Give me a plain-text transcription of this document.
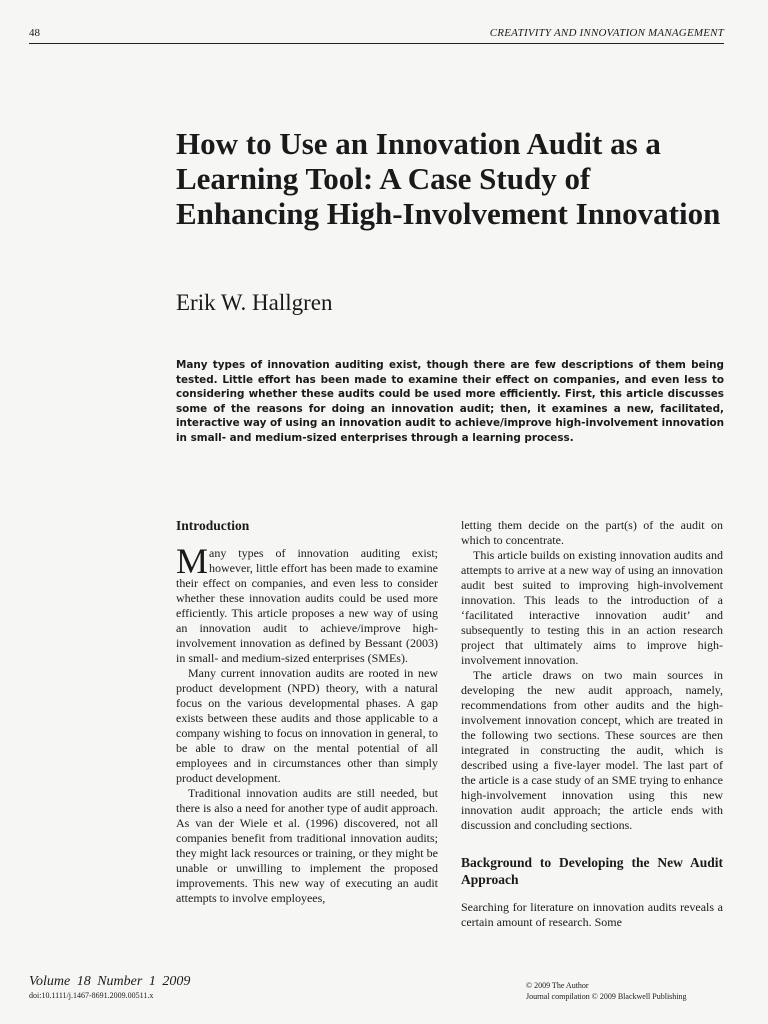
48	CREATIVITY AND INNOVATION MANAGEMENT
How to Use an Innovation Audit as a Learning Tool: A Case Study of Enhancing High-Involvement Innovation

Erik W. Hallgren

Many types of innovation auditing exist, though there are few descriptions of them being tested. Little effort has been made to examine their effect on companies, and even less to considering whether these audits could be used more efficiently. First, this article discusses some of the reasons for doing an innovation audit; then, it examines a new, facilitated, interactive way of using an innovation audit to achieve/improve high-involvement innovation in small- and medium-sized enterprises through a learning process.

Introduction

Many types of innovation auditing exist; however, little effort has been made to examine their effect on companies, and even less to consider whether these innovation audits could be used more efficiently. This article proposes a new way of using an innovation audit to achieve/improve high-involvement innovation as defined by Bessant (2003) in small- and medium-sized enterprises (SMEs).

Many current innovation audits are rooted in new product development (NPD) theory, with a natural focus on the various developmental phases. A gap exists between these audits and those applicable to a company wishing to focus on innovation in general, to be able to draw on the mental potential of all employees and in circumstances other than simply product development.

Traditional innovation audits are still needed, but there is also a need for another type of audit approach. As van der Wiele et al. (1996) discovered, not all companies benefit from traditional innovation audits; they might lack resources or training, or they might be unable or unwilling to implement the proposed improvements. This new way of executing an audit attempts to involve employees,

letting them decide on the part(s) of the audit on which to concentrate.

This article builds on existing innovation audits and attempts to arrive at a new way of using an innovation audit best suited to improving high-involvement innovation. This leads to the introduction of a ‘facilitated interactive innovation audit’ and subsequently to testing this in an action research project that ultimately aims to improve high-involvement innovation.

The article draws on two main sources in developing the new audit approach, namely, recommendations from other audits and the high-involvement innovation concept, which are treated in the following two sections. These sources are then integrated in constructing the audit, which is described using a five-layer model. The last part of the article is a case study of an SME trying to enhance high-involvement innovation using this new innovation audit approach; the article ends with discussion and concluding sections.

Background to Developing the New Audit Approach

Searching for literature on innovation audits reveals a certain amount of research. Some

Volume 18 Number 1 2009
doi:10.1111/j.1467-8691.2009.00511.x
© 2009 The Author
Journal compilation © 2009 Blackwell Publishing
